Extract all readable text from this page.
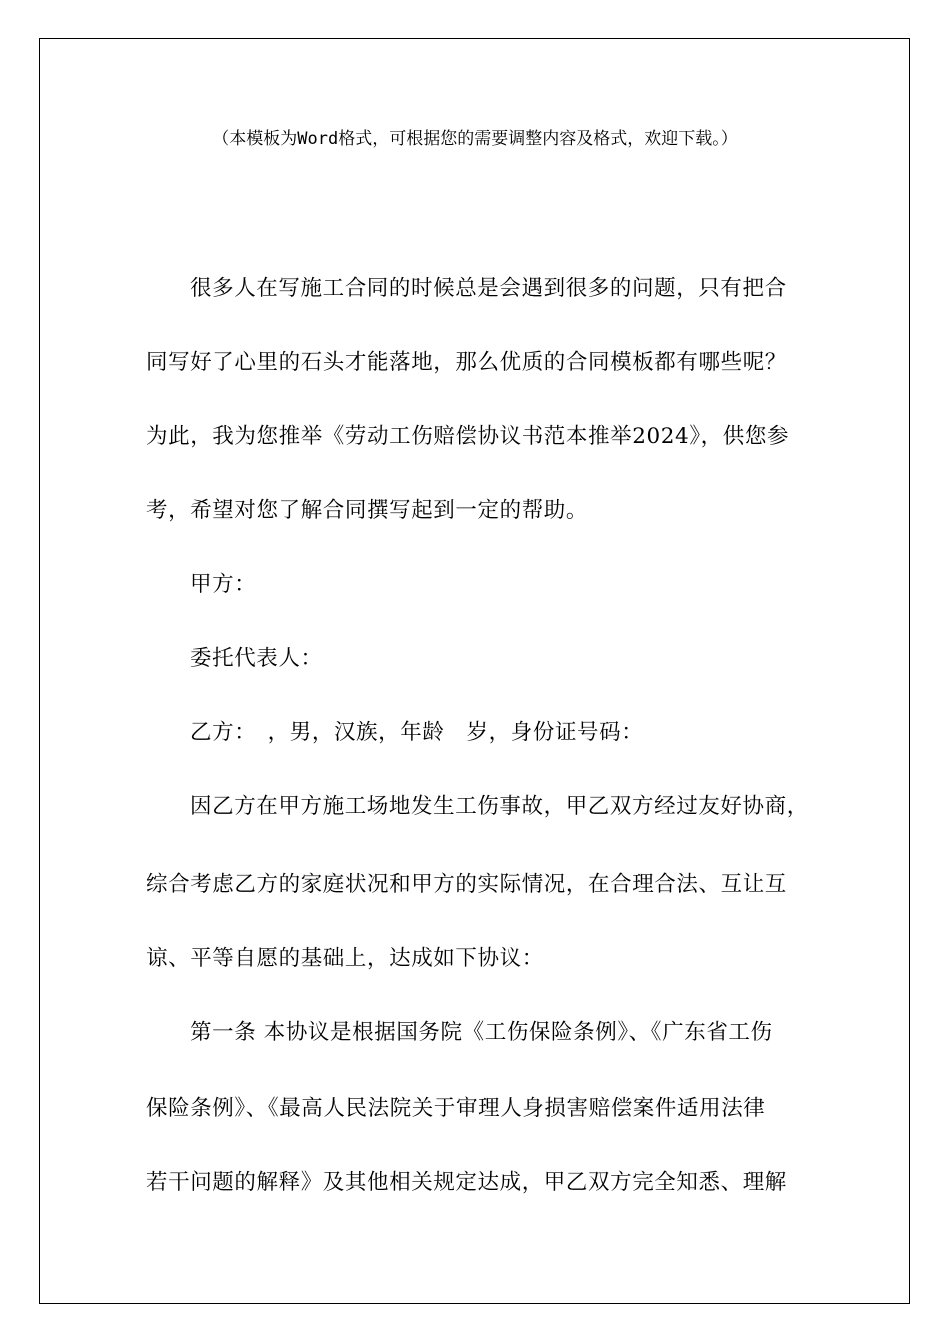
（本模板为Word格式，可根据您的需要调整内容及格式，欢迎下载。）
很多人在写施工合同的时候总是会遇到很多的问题，只有把合
同写好了心里的石头才能落地，那么优质的合同模板都有哪些呢？
为此，我为您推举《劳动工伤赔偿协议书范本推举2024》，供您参
考，希望对您了解合同撰写起到一定的帮助。
甲方：
委托代表人：
乙方：　，男，汉族，年龄　岁，身份证号码：
因乙方在甲方施工场地发生工伤事故，甲乙双方经过友好协商，
综合考虑乙方的家庭状况和甲方的实际情况，在合理合法、互让互
谅、平等自愿的基础上，达成如下协议：
第一条 本协议是根据国务院《工伤保险条例》、《广东省工伤
保险条例》、《最高人民法院关于审理人身损害赔偿案件适用法律
若干问题的解释》及其他相关规定达成，甲乙双方完全知悉、理解
